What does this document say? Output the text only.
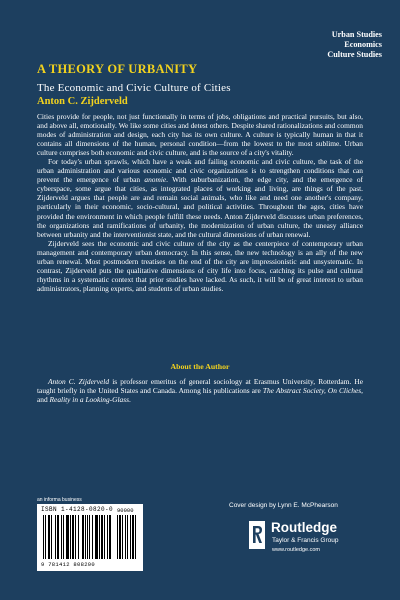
Urban Studies
Economics
Culture Studies
A THEORY OF URBANITY
The Economic and Civic Culture of Cities
Anton C. Zijderveld

Cities provide for people, not just functionally in terms of jobs, obligations and practical pursuits, but also, and above all, emotionally. We like some cities and detest others. Despite shared rationalizations and common modes of administration and design, each city has its own culture. A culture is typically human in that it contains all dimensions of the human, personal condition—from the lowest to the most sublime. Urban culture comprises both economic and civic culture, and is the source of a city's vitality.

For today's urban sprawls, which have a weak and failing economic and civic culture, the task of the urban administration and various economic and civic organizations is to strengthen conditions that can prevent the emergence of urban anomie. With suburbanization, the edge city, and the emergence of cyberspace, some argue that cities, as integrated places of working and living, are things of the past. Zijderveld argues that people are and remain social animals, who like and need one another's company, particularly in their economic, socio-cultural, and political activities. Throughout the ages, cities have provided the environment in which people fulfill these needs. Anton Zijderveld discusses urban preferences, the organizations and ramifications of urbanity, the modernization of urban culture, the uneasy alliance between urbanity and the interventionist state, and the cultural dimensions of urban renewal.

Zijderveld sees the economic and civic culture of the city as the centerpiece of contemporary urban management and contemporary urban democracy. In this sense, the new technology is an ally of the new urban renewal. Most postmodern treatises on the end of the city are impressionistic and unsystematic. In contrast, Zijderveld puts the qualitative dimensions of city life into focus, catching its pulse and cultural rhythms in a systematic context that prior studies have lacked. As such, it will be of great interest to urban administrators, planning experts, and students of urban studies.

About the Author

Anton C. Zijderveld is professor emeritus of general sociology at Erasmus University, Rotterdam. He taught briefly in the United States and Canada. Among his publications are The Abstract Society, On Cliches, and Reality in a Looking-Glass.

an informa business
ISBN 1-4128-0820-0
9 781412 808200
90000
Cover design by Lynn E. McPhearson
Routledge
Taylor & Francis Group
www.routledge.com
